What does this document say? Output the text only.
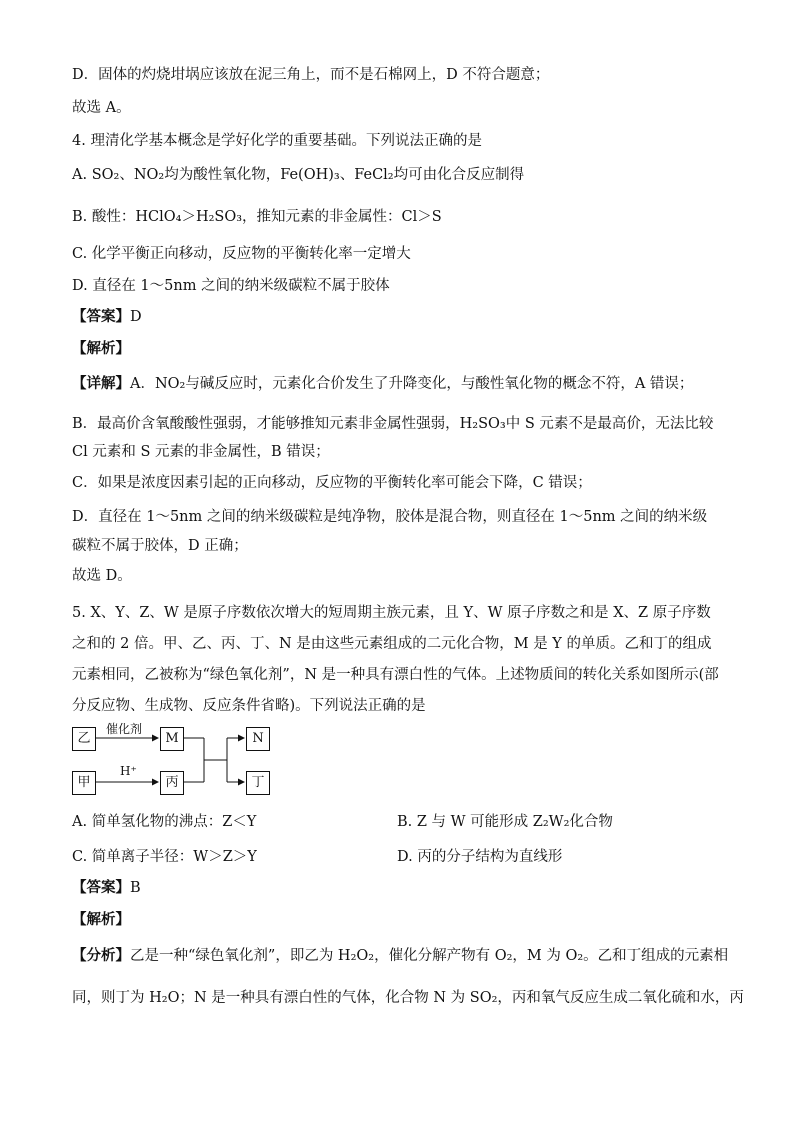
D．固体的灼烧坩埚应该放在泥三角上，而不是石棉网上，D 不符合题意；
故选 A。
4. 理清化学基本概念是学好化学的重要基础。下列说法正确的是
A. SO₂、NO₂均为酸性氧化物，Fe(OH)₃、FeCl₂均可由化合反应制得
B. 酸性：HClO₄＞H₂SO₃，推知元素的非金属性：Cl＞S
C. 化学平衡正向移动，反应物的平衡转化率一定增大
D. 直径在 1～5nm 之间的纳米级碳粒不属于胶体
【答案】D
【解析】
【详解】A．NO₂与碱反应时，元素化合价发生了升降变化，与酸性氧化物的概念不符，A 错误；
B．最高价含氧酸酸性强弱，才能够推知元素非金属性强弱，H₂SO₃中 S 元素不是最高价，无法比较 Cl 元素和 S 元素的非金属性，B 错误；
C．如果是浓度因素引起的正向移动，反应物的平衡转化率可能会下降，C 错误；
D．直径在 1～5nm 之间的纳米级碳粒是纯净物，胶体是混合物，则直径在 1～5nm 之间的纳米级碳粒不属于胶体，D 正确；
故选 D。
5. X、Y、Z、W 是原子序数依次增大的短周期主族元素，且 Y、W 原子序数之和是 X、Z 原子序数之和的 2 倍。甲、乙、丙、丁、N 是由这些元素组成的二元化合物，M 是 Y 的单质。乙和丁的组成元素相同，乙被称为“绿色氧化剂”，N 是一种具有漂白性的气体。上述物质间的转化关系如图所示(部分反应物、生成物、反应条件省略)。下列说法正确的是
乙	M	N
甲	丙	丁
催化剂
H⁺
A. 简单氢化物的沸点：Z＜Y	B. Z 与 W 可能形成 Z₂W₂化合物
C. 简单离子半径：W＞Z＞Y	D. 丙的分子结构为直线形
【答案】B
【解析】
【分析】乙是一种“绿色氧化剂”，即乙为 H₂O₂，催化分解产物有 O₂，M 为 O₂。乙和丁组成的元素相
同，则丁为 H₂O；N 是一种具有漂白性的气体，化合物 N 为 SO₂，丙和氧气反应生成二氧化硫和水，丙
